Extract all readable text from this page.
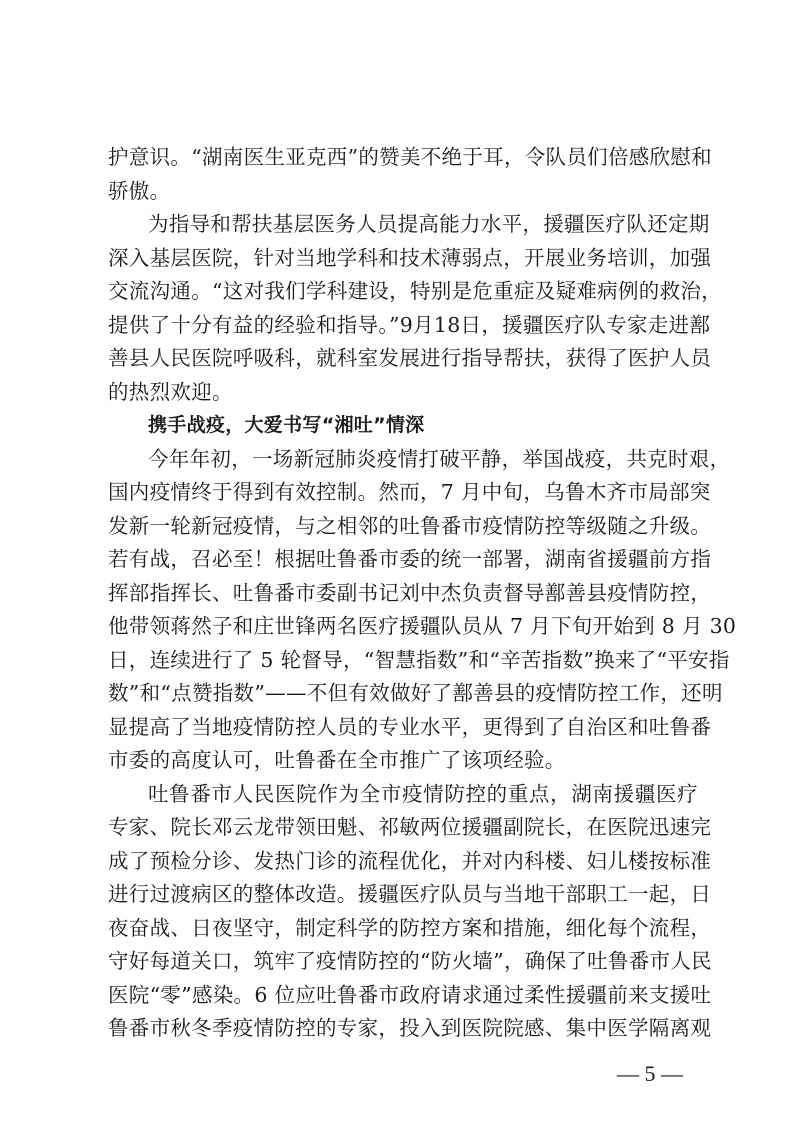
护意识。“湖南医生亚克西”的赞美不绝于耳，令队员们倍感欣慰和
骄傲。
为指导和帮扶基层医务人员提高能力水平，援疆医疗队还定期
深入基层医院，针对当地学科和技术薄弱点，开展业务培训，加强
交流沟通。“这对我们学科建设，特别是危重症及疑难病例的救治，
提供了十分有益的经验和指导。”9月18日，援疆医疗队专家走进鄯
善县人民医院呼吸科，就科室发展进行指导帮扶，获得了医护人员
的热烈欢迎。
携手战疫，大爱书写“湘吐”情深
今年年初，一场新冠肺炎疫情打破平静，举国战疫，共克时艰，
国内疫情终于得到有效控制。然而，7 月中旬，乌鲁木齐市局部突
发新一轮新冠疫情，与之相邻的吐鲁番市疫情防控等级随之升级。
若有战，召必至！根据吐鲁番市委的统一部署，湖南省援疆前方指
挥部指挥长、吐鲁番市委副书记刘中杰负责督导鄯善县疫情防控，
他带领蒋然子和庄世锋两名医疗援疆队员从 7 月下旬开始到 8 月 30
日，连续进行了 5 轮督导，“智慧指数”和“辛苦指数”换来了“平安指
数”和“点赞指数”——不但有效做好了鄯善县的疫情防控工作，还明
显提高了当地疫情防控人员的专业水平，更得到了自治区和吐鲁番
市委的高度认可，吐鲁番在全市推广了该项经验。
吐鲁番市人民医院作为全市疫情防控的重点，湖南援疆医疗
专家、院长邓云龙带领田魁、祁敏两位援疆副院长，在医院迅速完
成了预检分诊、发热门诊的流程优化，并对内科楼、妇儿楼按标准
进行过渡病区的整体改造。援疆医疗队员与当地干部职工一起，日
夜奋战、日夜坚守，制定科学的防控方案和措施，细化每个流程，
— 5 —
守好每道关口，筑牢了疫情防控的“防火墙”，确保了吐鲁番市人民
医院“零”感染。6 位应吐鲁番市政府请求通过柔性援疆前来支援吐
鲁番市秋冬季疫情防控的专家，投入到医院院感、集中医学隔离观
